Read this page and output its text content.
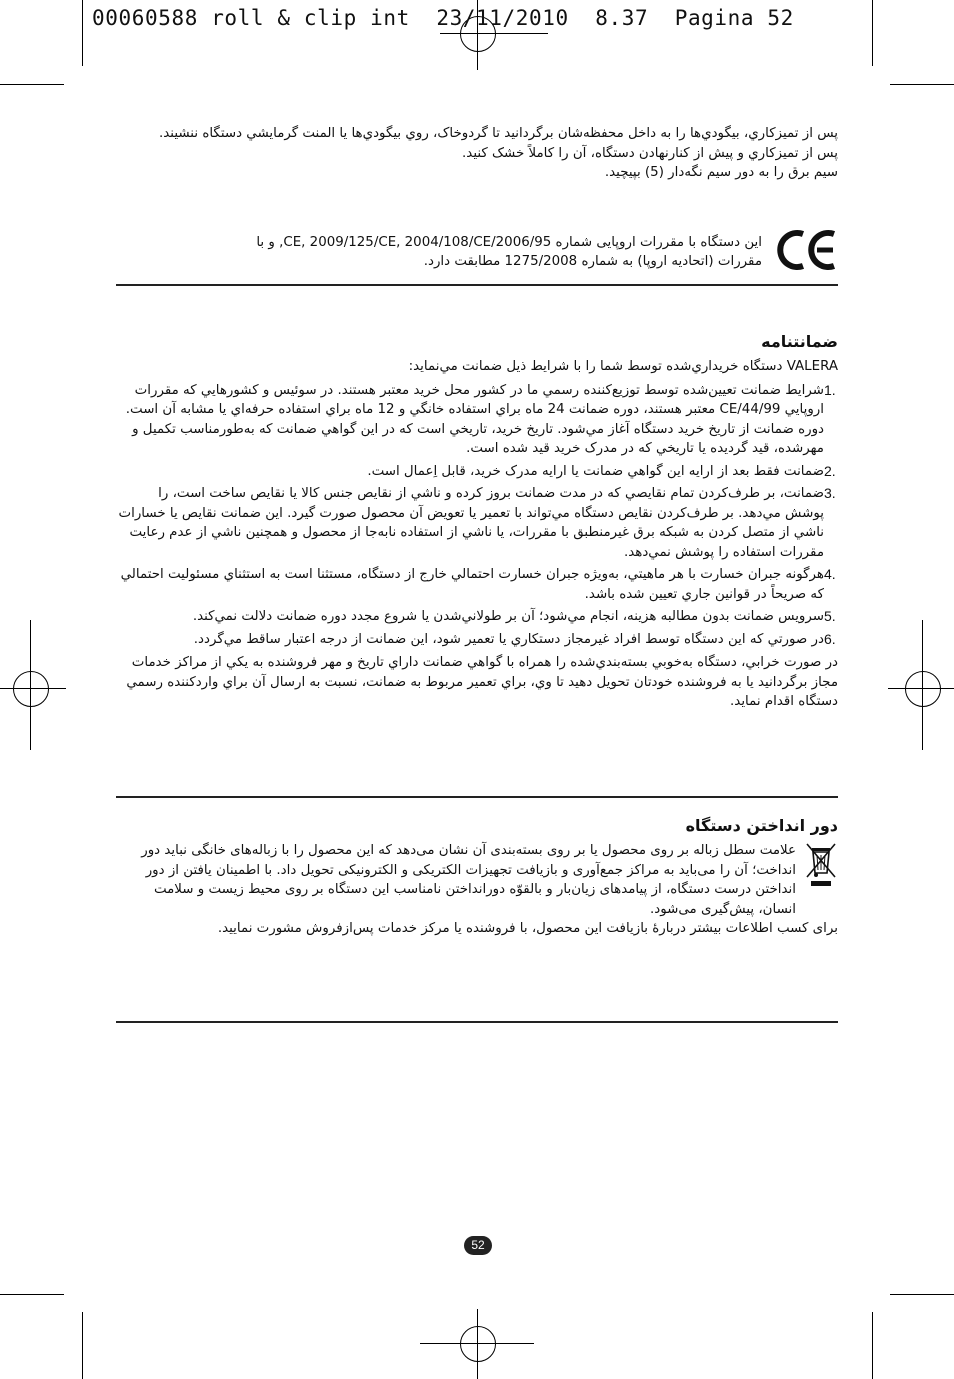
00060588 roll & clip int  23/11/2010  8.37  Pagina 52

پس از تمیزکاري، بیگودي‌ها را به داخل محفظه‌شان برگردانید تا گردوخاک، روي بیگودي‌ها یا المنت گرمایشي دستگاه ننشیند.

پس از تمیزکاري و پیش از کنارنهادن دستگاه، آن را کاملاً خشک کنید.

سیم برق را به دور سیم نگه‌دار (5) بپیچید.

این دستگاه با مقررات اروپایی شماره 2006/95/CE, 2009/125/CE, 2004/108/CE, و با

مقررات (اتحادیه اروپا) به شماره 1275/2008 مطابقت دارد.

ضمانتنامه

VALERA دستگاه خریداري‌شده توسط شما را با شرایط ذیل ضمانت مي‌نماید:

1.
شرایط ضمانت تعیین‌شده توسط توزیع‌کننده رسمي ما در کشور محل خرید معتبر هستند. در سوئیس و کشورهایي که مقررات اروپایي 44/99/CE معتبر هستند، دوره ضمانت 24 ماه براي استفاده خانگي و 12 ماه براي استفاده حرفه‌اي یا مشابه آن است. دوره ضمانت از تاریخ خرید دستگاه آغاز مي‌شود. تاریخ خرید، تاریخي است که در این گواهي ضمانت که به‌طورمناسب تکمیل و مهرشده، قید گردیده یا تاریخي که در مدرک خرید قید شده است.
2.
ضمانت فقط بعد از ارایه این گواهي ضمانت یا ارایه مدرک خرید، قابل اِعمال است.
3.
ضمانت، بر طرف‌کردن تمام نقایصي که در مدت ضمانت بروز کرده و ناشي از نقایص جنس کالا یا نقایص ساخت است، را پوشش مي‌دهد. بر طرف‌کردن نقایص دستگاه مي‌تواند با تعمیر یا تعویض آن محصول صورت گیرد. این ضمانت نقایص یا خسارات ناشي از متصل کردن به شبکه برق غیرمنطبق با مقررات، یا ناشي از استفاده نابه‌جا از محصول و همچنین ناشي از عدم رعایت مقررات استفاده را پوشش نمي‌دهد.
4.
هرگونه جبران خسارت با هر ماهیتي، به‌ویژه جبران خسارت احتمالي خارج از دستگاه، مستثنا است به استثناي مسئولیت احتمالي که صریحاً در قوانین جاري تعیین شده باشد.
5.
سرویس ضمانت بدون مطالبه هزینه، انجام مي‌شود؛ آن بر طولاني‌شدن یا شروع مجدد دوره ضمانت دلالت نمي‌کند.
6.
در صورتي که این دستگاه توسط افراد غیرمجاز دستکاري یا تعمیر شود، این ضمانت از درجه اعتبار ساقط مي‌گردد.

در صورت خرابي، دستگاه به‌خوبي بسته‌بندي‌شده را همراه با گواهي ضمانت داراي تاریخ و مهر فروشنده به یکي از مراکز خدمات مجاز برگردانید یا به فروشنده خودتان تحویل دهید تا وي، براي تعمیر مربوط به ضمانت، نسبت به ارسال آن براي واردکننده رسمي دستگاه اقدام نماید.

دور انداختن دستگاه

علامت سطل زباله بر روی محصول یا بر روی بسته‌بندی آن نشان می‌دهد که این محصول را با زباله‌های خانگی نباید دور انداخت؛ آن را می‌باید به مراکز جمع‌آوری و بازیافت تجهیزات الکتریکی و الکترونیکی تحویل داد. با اطمینان یافتن از دور انداختن درست دستگاه، از پیامدهای زیان‌بار و بالقوّه دورانداختن نامناسب این دستگاه بر روی محیط زیست و سلامت انسان، پیش‌گیری می‌شود.

برای کسب اطلاعات بیشتر دربارهٔ بازیافت این محصول، با فروشنده یا مرکز خدمات پس‌ازفروش مشورت نمایید.

52
